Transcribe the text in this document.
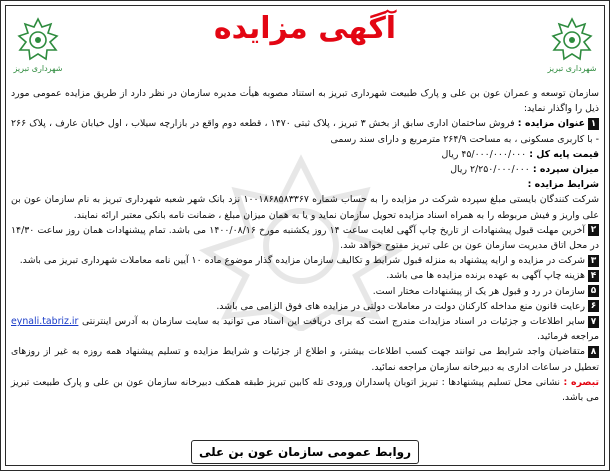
شهرداری تبریز	شهرداری تبریز
آگهی مزایده

سازمان توسعه و عمران عون بن علی و پارک طبیعت شهرداری تبریز به استناد مصوبه هیأت مدیره سازمان در نظر دارد از طریق مزایده عمومی مورد ذیل را واگذار نماید:

۱عنوان مزایده : فروش ساختمان اداری سابق از بخش ۳ تبریز ، پلاک ثبتی ۱۴۷۰ ، قطعه دوم واقع در بازارچه سیلاب ، اول خیابان عارف ، پلاک ۲۶۶ - با کاربری مسکونی ، به مساحت ۲۶۴/۹ مترمربع و دارای سند رسمی

قیمت پایه کل : ۴۵/۰۰۰/۰۰۰/۰۰۰ ریال

میزان سپرده : ۲/۲۵۰/۰۰۰/۰۰۰ ریال

شرایط مزایده :

شرکت کنندگان بایستی مبلغ سپرده شرکت در مزایده را به حساب شماره ۱۰۰۱۸۶۸۵۸۳۳۶۷ نزد بانک شهر شعبه شهرداری تبریز به نام سازمان عون بن علی واریز و فیش مربوطه را به همراه اسناد مزایده تحویل سازمان نماید و یا به همان میزان مبلغ ، ضمانت نامه بانکی معتبر ارائه نمایند.

۲آخرین مهلت قبول پیشنهادات از تاریخ چاپ آگهی لغایت ساعت ۱۴ روز یکشنبه مورخ ۱۴۰۰/۰۸/۱۶ می باشد. تمام پیشنهادات همان روز ساعت ۱۴/۳۰ در محل اتاق مدیریت سازمان عون بن علی تبریز مفتوح خواهد شد.

۳شرکت در مزایده و ارایه پیشنهاد به منزله قبول شرایط و تکالیف سازمان مزایده گذار موضوع ماده ۱۰ آیین نامه معاملات شهرداری تبریز می باشد.

۴هزینه چاپ آگهی به عهده برنده مزایده ها می باشد.

۵سازمان در رد و قبول هر یک از پیشنهادات مختار است.

۶رعایت قانون منع مداخله کارکنان دولت در معاملات دولتی در مزایده های فوق الزامی می باشد.

۷سایر اطلاعات و جزئیات در اسناد مزایدات مندرج است که برای دریافت این اسناد می توانید به سایت سازمان به آدرس اینترنتی eynali.tabriz.ir مراجعه فرمائید.

۸متقاضیان واجد شرایط می توانند جهت کسب اطلاعات بیشتر، و اطلاع از جزئیات و شرایط مزایده و تسلیم پیشنهاد همه روزه به غیر از روزهای تعطیل در ساعات اداری به دبیرخانه سازمان مراجعه نمائید.

تبصره : نشانی محل تسلیم پیشنهادها : تبریز اتوبان پاسداران ورودی تله کابین تبریز طبقه همکف دبیرخانه سازمان عون بن علی و پارک طبیعت تبریز می باشد.

روابط عمومی سازمان عون بن علی
